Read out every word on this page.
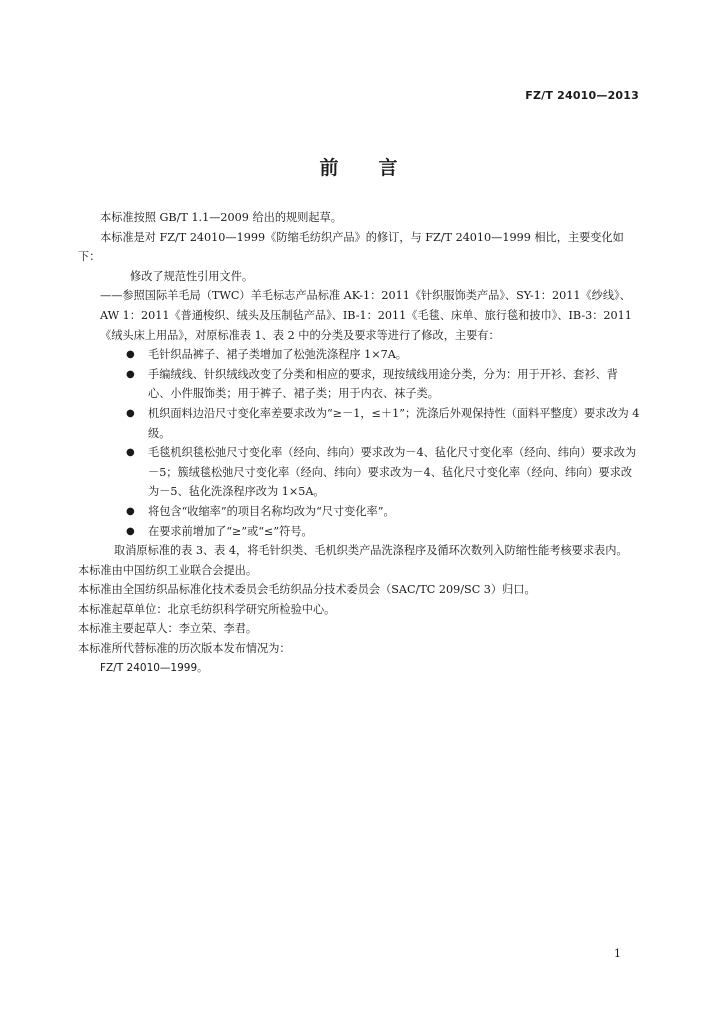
FZ/T 24010—2013
前言

本标准按照 GB/T 1.1—2009 给出的规则起草。

本标准是对 FZ/T 24010—1999《防缩毛纺织产品》的修订，与 FZ/T 24010—1999 相比，主要变化如下：

修改了规范性引用文件。

——参照国际羊毛局（TWC）羊毛标志产品标准 AK-1：2011《针织服饰类产品》、SY-1：2011《纱线》、AW 1：2011《普通梭织、绒头及压制毡产品》、IB-1：2011《毛毯、床单、旅行毯和披巾》、IB-3：2011《绒头床上用品》，对原标准表 1、表 2 中的分类及要求等进行了修改，主要有：

● 毛针织品裤子、裙子类增加了松弛洗涤程序 1×7A。
● 手编绒线、针织绒线改变了分类和相应的要求，现按绒线用途分类，分为：用于开衫、套衫、背心、小件服饰类；用于裤子、裙子类；用于内衣、袜子类。
● 机织面料边沿尺寸变化率差要求改为“≥－1，≤＋1”；洗涤后外观保持性（面料平整度）要求改为 4 级。
● 毛毯机织毯松弛尺寸变化率（经向、纬向）要求改为－4、毡化尺寸变化率（经向、纬向）要求改为－5；簇绒毯松弛尺寸变化率（经向、纬向）要求改为－4、毡化尺寸变化率（经向、纬向）要求改为－5、毡化洗涤程序改为 1×5A。
● 将包含“收缩率”的项目名称均改为“尺寸变化率”。
● 在要求前增加了“≥”或“≤”符号。

取消原标准的表 3、表 4，将毛针织类、毛机织类产品洗涤程序及循环次数列入防缩性能考核要求表内。

本标准由中国纺织工业联合会提出。

本标准由全国纺织品标准化技术委员会毛纺织品分技术委员会（SAC/TC 209/SC 3）归口。

本标准起草单位：北京毛纺织科学研究所检验中心。

本标准主要起草人：李立荣、李君。

本标准所代替标准的历次版本发布情况为：

FZ/T 24010—1999。

1
